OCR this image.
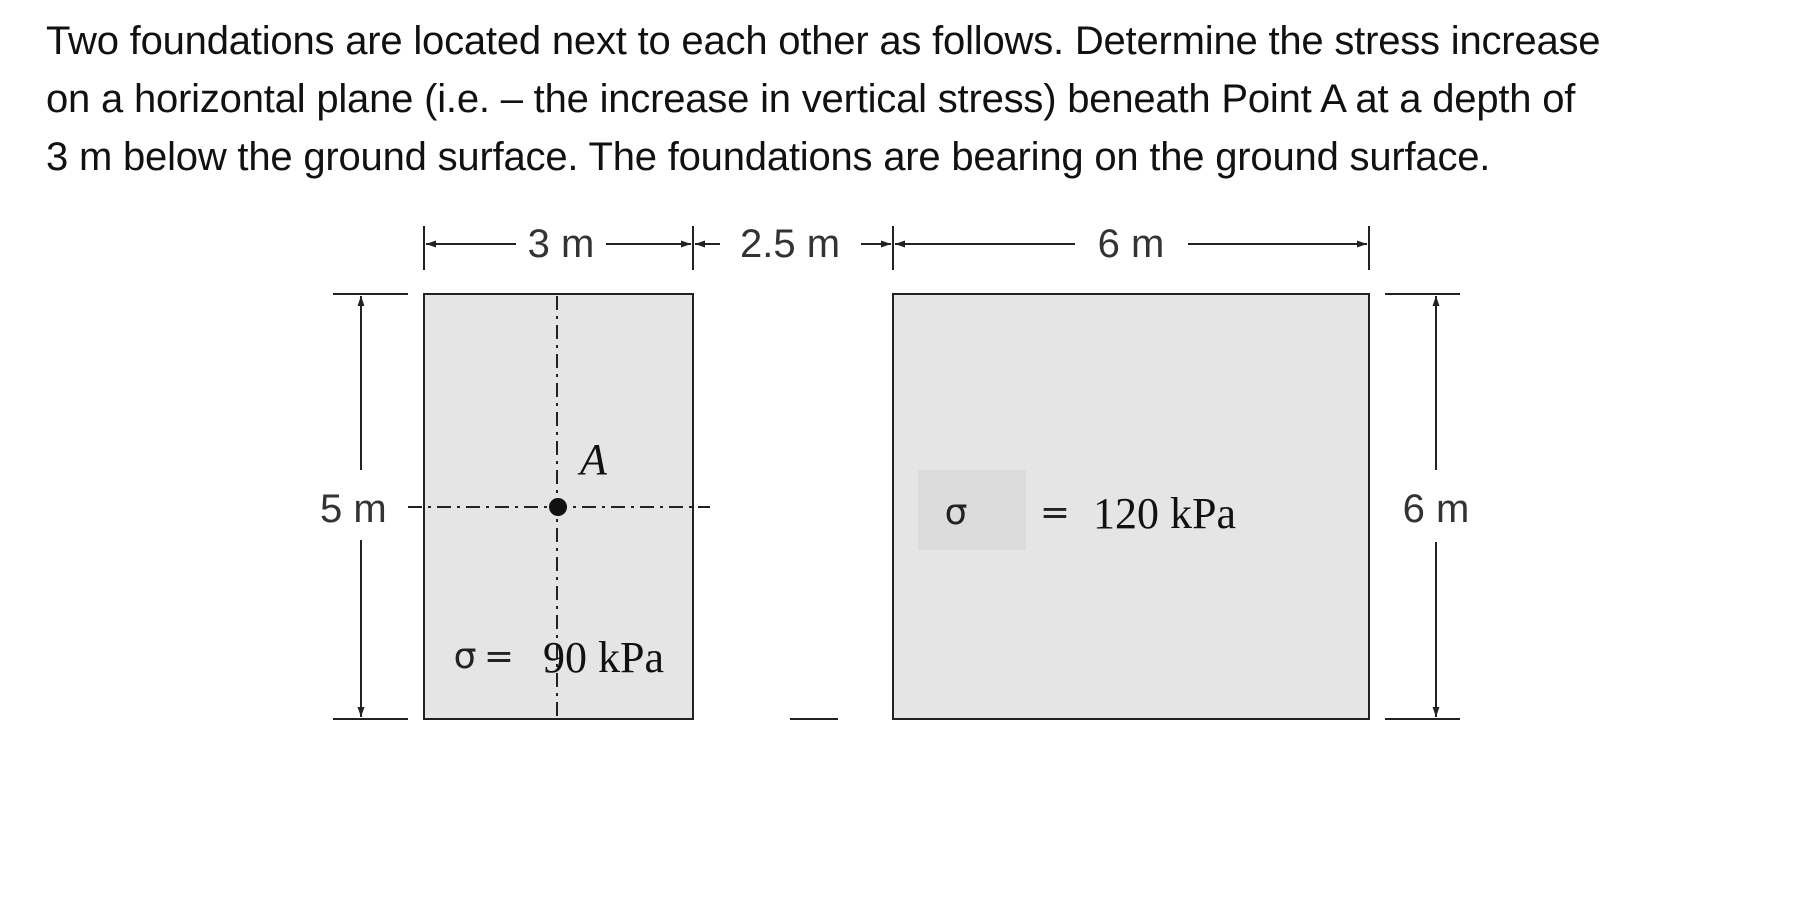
Two foundations are located next to each other as follows. Determine the stress increase
on a horizontal plane (i.e. – the increase in vertical stress) beneath Point A at a depth of
3 m below the ground surface. The foundations are bearing on the ground surface.

3 m	2.5 m	6 m
5 m	6 m
A
σ = 90 kPa
σ = 120 kPa
